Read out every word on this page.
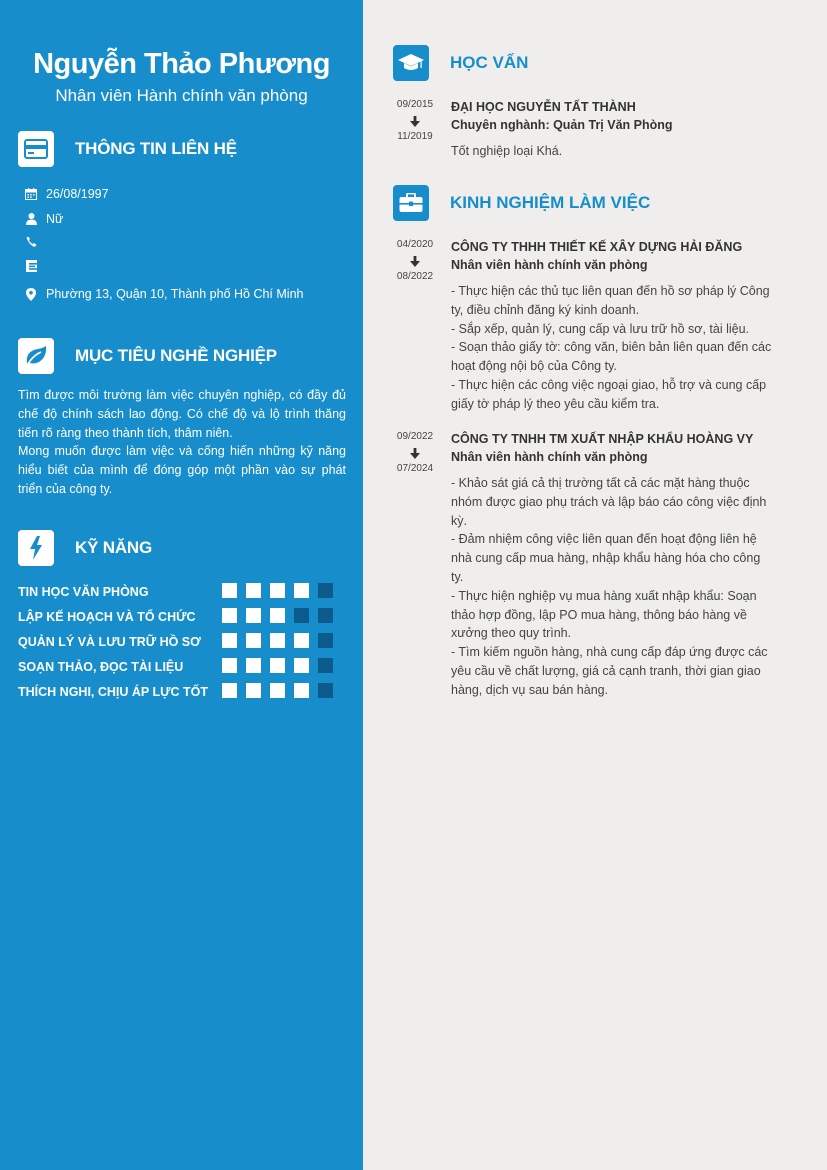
Nguyễn Thảo Phương
Nhân viên Hành chính văn phòng
THÔNG TIN LIÊN HỆ
26/08/1997
Nữ
Phường 13, Quận 10, Thành phố Hồ Chí Minh
MỤC TIÊU NGHỀ NGHIỆP
Tìm được môi trường làm việc chuyên nghiệp, có đầy đủ chế độ chính sách lao động. Có chế độ và lộ trình thăng tiến rõ ràng theo thành tích, thâm niên.
Mong muốn được làm việc và cống hiến những kỹ năng hiểu biết của mình để đóng góp một phần vào sự phát triển của công ty.
KỸ NĂNG
TIN HỌC VĂN PHÒNG
LẬP KẾ HOẠCH VÀ TỔ CHỨC
QUẢN LÝ VÀ LƯU TRỮ HỒ SƠ
SOẠN THẢO, ĐỌC TÀI LIỆU
THÍCH NGHI, CHỊU ÁP LỰC TỐT
HỌC VẤN
09/2015
11/2019
ĐẠI HỌC NGUYỄN TẤT THÀNH
Chuyên nghành: Quản Trị Văn Phòng
Tốt nghiệp loại Khá.
KINH NGHIỆM LÀM VIỆC
04/2020
08/2022
CÔNG TY THHH THIẾT KẾ XÂY DỰNG HẢI ĐĂNG
Nhân viên hành chính văn phòng
- Thực hiện các thủ tục liên quan đến hồ sơ pháp lý Công ty, điều chỉnh đăng ký kinh doanh.
- Sắp xếp, quản lý, cung cấp và lưu trữ hồ sơ, tài liệu.
- Soạn thảo giấy tờ: công văn, biên bản liên quan đến các hoạt động nội bộ của Công ty.
- Thực hiện các công việc ngoại giao, hỗ trợ và cung cấp giấy tờ pháp lý theo yêu cầu kiểm tra.
09/2022
07/2024
CÔNG TY TNHH TM XUẤT NHẬP KHẨU HOÀNG VY
Nhân viên hành chính văn phòng
- Khảo sát giá cả thị trường tất cả các mặt hàng thuộc nhóm được giao phụ trách và lập báo cáo công việc định kỳ.
- Đảm nhiệm công việc liên quan đến hoạt động liên hệ nhà cung cấp mua hàng, nhập khẩu hàng hóa cho công ty.
- Thực hiện nghiệp vụ mua hàng xuất nhập khẩu: Soạn thảo hợp đồng, lập PO mua hàng, thông báo hàng về xưởng theo quy trình.
- Tìm kiếm nguồn hàng, nhà cung cấp đáp ứng được các yêu cầu về chất lượng, giá cả cạnh tranh, thời gian giao hàng, dịch vụ sau bán hàng.
